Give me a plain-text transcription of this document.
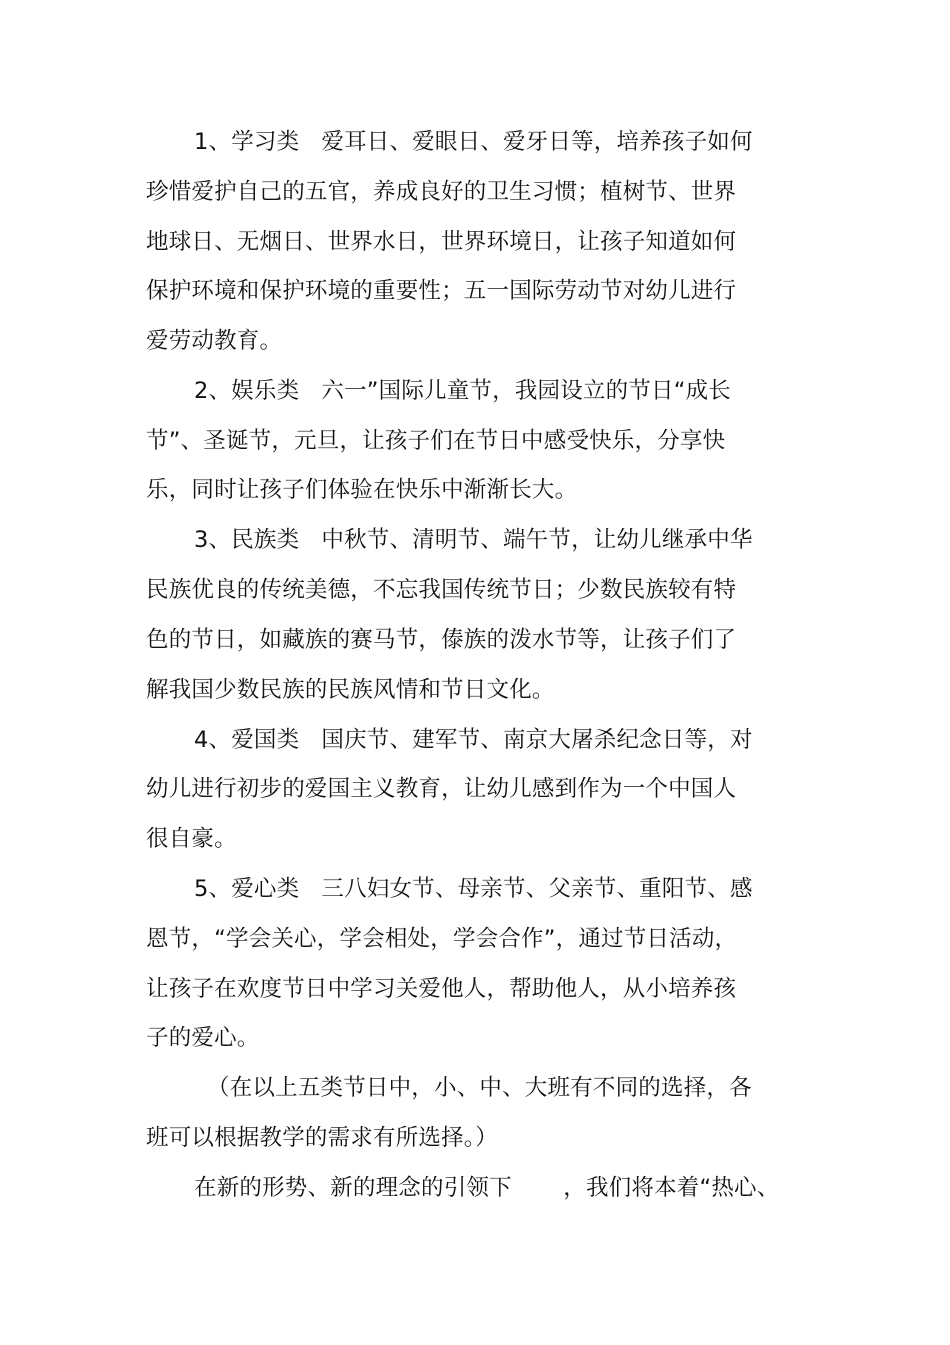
1、学习类   爱耳日、爱眼日、爱牙日等，培养孩子如何
珍惜爱护自己的五官，养成良好的卫生习惯；植树节、世界
地球日、无烟日、世界水日，世界环境日，让孩子知道如何
保护环境和保护环境的重要性；五一国际劳动节对幼儿进行
爱劳动教育。
2、娱乐类   六一”国际儿童节，我园设立的节日“成长
节”、圣诞节，元旦，让孩子们在节日中感受快乐，分享快
乐，同时让孩子们体验在快乐中渐渐长大。
3、民族类   中秋节、清明节、端午节，让幼儿继承中华
民族优良的传统美德，不忘我国传统节日；少数民族较有特
色的节日，如藏族的赛马节，傣族的泼水节等，让孩子们了
解我国少数民族的民族风情和节日文化。
4、爱国类   国庆节、建军节、南京大屠杀纪念日等，对
幼儿进行初步的爱国主义教育，让幼儿感到作为一个中国人
很自豪。
5、爱心类   三八妇女节、母亲节、父亲节、重阳节、感
恩节，“学会关心，学会相处，学会合作”，通过节日活动，
让孩子在欢度节日中学习关爱他人，帮助他人，从小培养孩
子的爱心。
（在以上五类节日中，小、中、大班有不同的选择，各
班可以根据教学的需求有所选择。）
在新的形势、新的理念的引领下       ，我们将本着“热心、
